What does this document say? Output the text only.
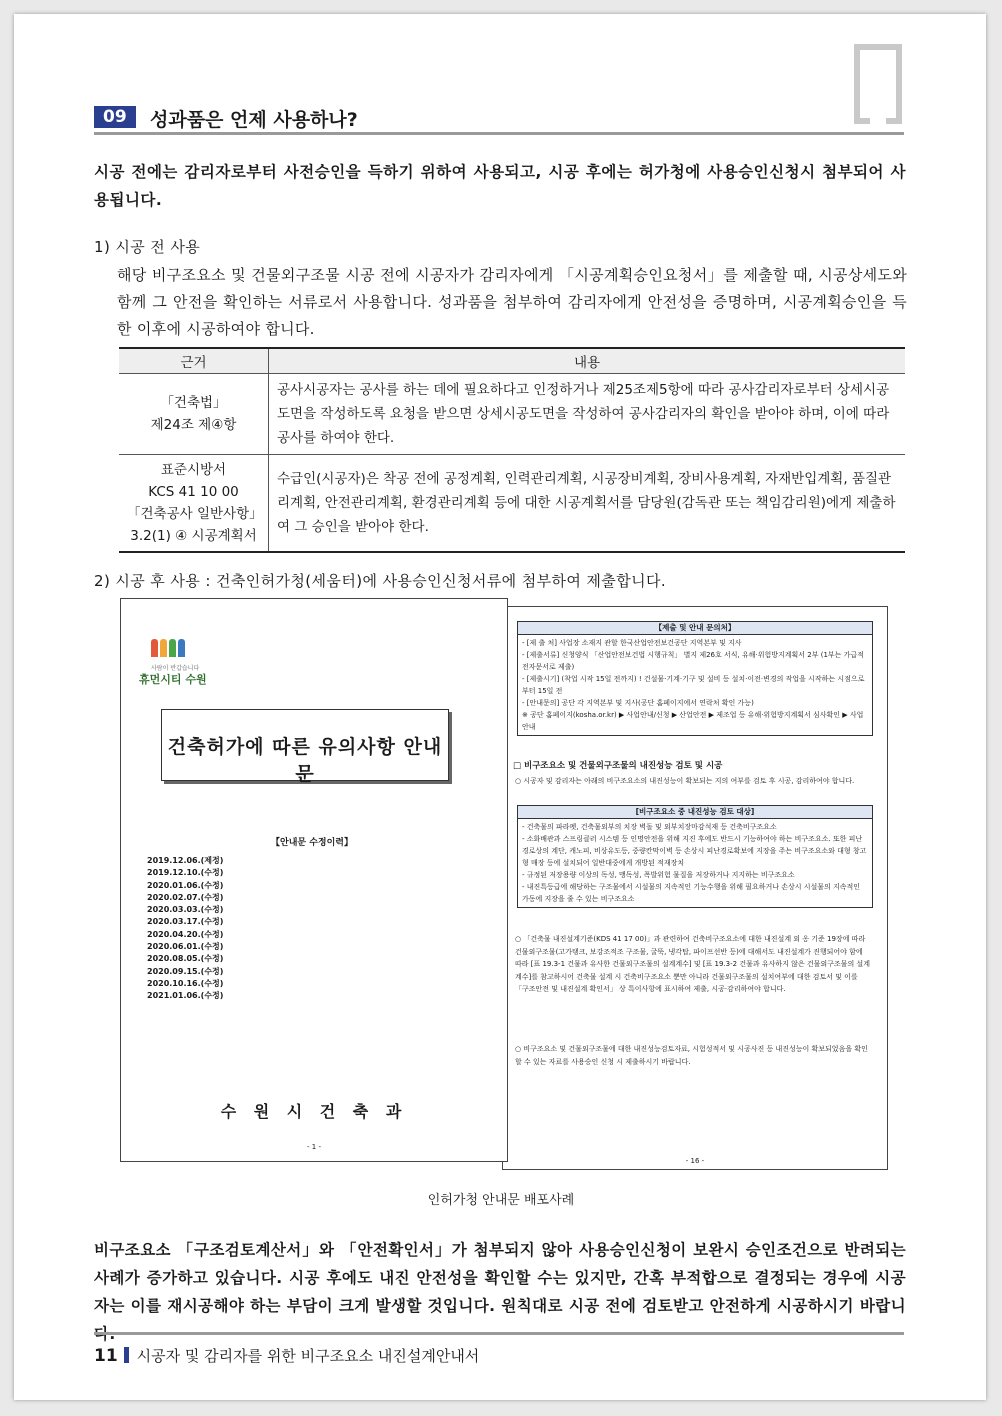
09	성과품은 언제 사용하나?
시공 전에는 감리자로부터 사전승인을 득하기 위하여 사용되고, 시공 후에는 허가청에 사용승인신청시 첨부되어 사용됩니다.
1) 시공 전 사용
해당 비구조요소 및 건물외구조물 시공 전에 시공자가 감리자에게 「시공계획승인요청서」를 제출할 때, 시공상세도와 함께 그 안전을 확인하는 서류로서 사용합니다. 성과품을 첨부하여 감리자에게 안전성을 증명하며, 시공계획승인을 득한 이후에 시공하여야 합니다.
근거	내용

「건축법」
제24조 제④항	공사시공자는 공사를 하는 데에 필요하다고 인정하거나 제25조제5항에 따라 공사감리자로부터 상세시공도면을 작성하도록 요청을 받으면 상세시공도면을 작성하여 공사감리자의 확인을 받아야 하며, 이에 따라 공사를 하여야 한다.

표준시방서
KCS 41 10 00
「건축공사 일반사항」
3.2(1) ④ 시공계획서	수급인(시공자)은 착공 전에 공정계획, 인력관리계획, 시공장비계획, 장비사용계획, 자재반입계획, 품질관리계획, 안전관리계획, 환경관리계획 등에 대한 시공계획서를 담당원(감독관 또는 책임감리원)에게 제출하여 그 승인을 받아야 한다.
2) 시공 후 사용 : 건축인허가청(세움터)에 사용승인신청서류에 첨부하여 제출합니다.
【제출 및 안내 문의처】
- [제 출 처] 사업장 소재지 관할 한국산업안전보건공단 지역본부 및 지사
- [제출서류] 신청양식 「산업안전보건법 시행규칙」 별지 제26호 서식, 유해·위험방지계획서 2부 (1부는 가급적 전자문서로 제출)
- [제출시기] (착업 시작 15일 전까지) ! 건설물·기계·기구 및 설비 등 설치·이전·변경의 작업을 시작하는 시점으로부터 15일 전
- [안내문의] 공단 각 지역본부 및 지사(공단 홈페이지에서 연락처 확인 가능)
※ 공단 홈페이지(kosha.or.kr) ▶ 사업안내/신청 ▶ 산업안전 ▶ 제조업 등 유해·위험방지계획서 심사확인 ▶ 사업안내
□ 비구조요소 및 건물외구조물의 내진성능 검토 및 시공
○ 시공자 및 감리자는 아래의 비구조요소의 내진성능이 확보되는 지의 여부를 검토 후 시공, 감리하여야 합니다.
[비구조요소 중 내진성능 검토 대상]
- 건축물의 파라펫, 건축물외부의 치장 벽돌 및 외부치장마감석재 등 건축비구조요소
- 소화배관과 스프링클러 시스템 등 인명안전을 위해 지진 후에도 반드시 기능하여야 하는 비구조요소. 또한 피난경로상의 계단, 캐노피, 비상유도등, 중량칸막이벽 등 손상시 피난경로확보에 지장을 주는 비구조요소와 대형 창고형 매장 등에 설치되어 일반대중에게 개방된 적재장치
- 규정된 저장용량 이상의 독성, 맹독성, 폭발위험 물질을 저장하거나 지지하는 비구조요소
- 내진특등급에 해당하는 구조물에서 시설물의 지속적인 기능수행을 위해 필요하거나 손상시 시설물의 지속적인 가동에 지장을 줄 수 있는 비구조요소
○ 「건축물 내진설계기준(KDS 41 17 00)」과 관련하여 건축비구조요소에 대한 내진설계 외 옹 기준 19장에 따라 건물외구조물(고가탱크, 보강조적조 구조물, 굴뚝, 냉각탑, 파이프선반 등)에 대해서도 내진설계가 진행되어야 함에 따라 [표 19.3-1 건물과 유사한 건물외구조물의 설계계수] 및 [표 19.3-2 건물과 유사하지 않은 건물외구조물의 설계계수]를 참고하시어 건축물 설계 시 건축비구조요소 뿐만 아니라 건물외구조물의 설치여부에 대한 검토서 및 이를 「구조안전 및 내진설계 확인서」 상 특이사항에 표시하여 제출, 시공·감리하여야 합니다.
○ 비구조요소 및 건물외구조물에 대한 내진성능검토자료, 시험성적서 및 시공사진 등 내진성능이 확보되었음을 확인할 수 있는 자료를 사용승인 신청 시 제출하시기 바랍니다.
- 16 -
사람이 반갑습니다
휴먼시티 수원
건축허가에 따른 유의사항 안내문
【안내문 수정이력】
2019.12.06.(제정)
2019.12.10.(수정)
2020.01.06.(수정)
2020.02.07.(수정)
2020.03.03.(수정)
2020.03.17.(수정)
2020.04.20.(수정)
2020.06.01.(수정)
2020.08.05.(수정)
2020.09.15.(수정)
2020.10.16.(수정)
2021.01.06.(수정)
수 원 시 건 축 과
- 1 -
인허가청 안내문 배포사례
비구조요소 「구조검토계산서」와 「안전확인서」가 첨부되지 않아 사용승인신청이 보완시 승인조건으로 반려되는 사례가 증가하고 있습니다. 시공 후에도 내진 안전성을 확인할 수는 있지만, 간혹 부적합으로 결정되는 경우에 시공자는 이를 재시공해야 하는 부담이 크게 발생할 것입니다. 원칙대로 시공 전에 검토받고 안전하게 시공하시기 바랍니다.
11 시공자 및 감리자를 위한 비구조요소 내진설계안내서
